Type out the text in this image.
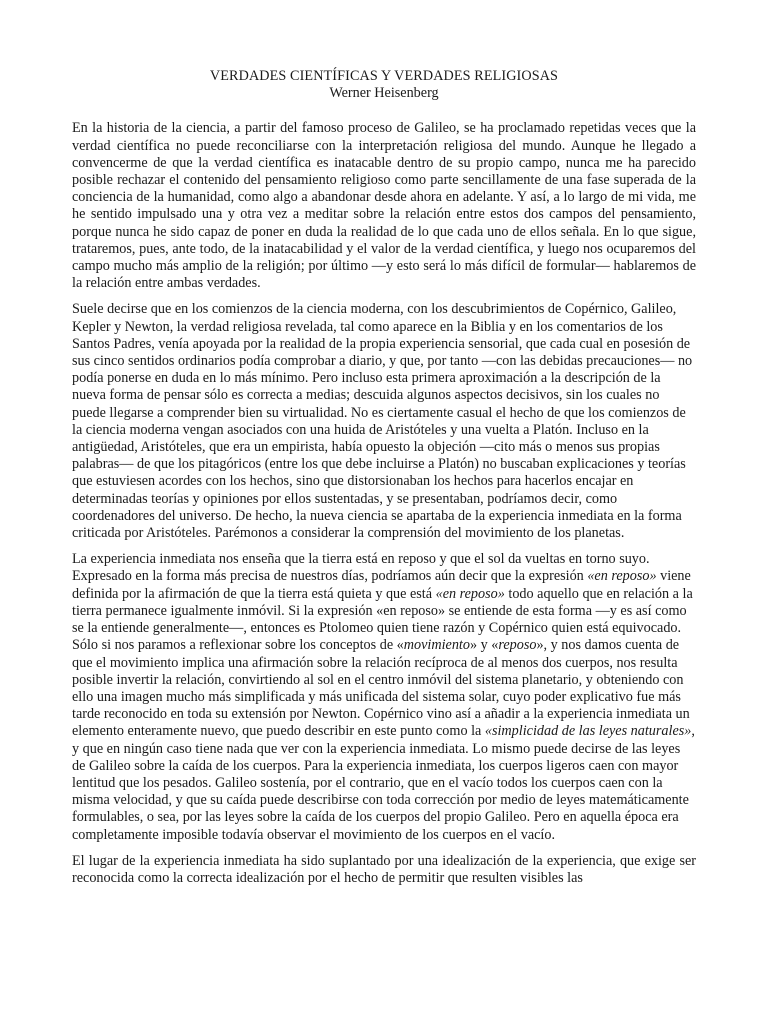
VERDADES CIENTÍFICAS Y VERDADES RELIGIOSAS
Werner Heisenberg

En la historia de la ciencia, a partir del famoso proceso de Galileo, se ha proclamado repetidas veces que la verdad científica no puede reconciliarse con la interpretación religiosa del mundo. Aunque he llegado a convencerme de que la verdad científica es inatacable dentro de su propio campo, nunca me ha parecido posible rechazar el contenido del pensamiento religioso como parte sencillamente de una fase superada de la conciencia de la humanidad, como algo a abandonar desde ahora en adelante. Y así, a lo largo de mi vida, me he sentido impulsado una y otra vez a meditar sobre la relación entre estos dos campos del pensamiento, porque nunca he sido capaz de poner en duda la realidad de lo que cada uno de ellos señala. En lo que sigue, trataremos, pues, ante todo, de la inatacabilidad y el valor de la verdad científica, y luego nos ocuparemos del campo mucho más amplio de la religión; por último —y esto será lo más difícil de formular— hablaremos de la relación entre ambas verdades.

Suele decirse que en los comienzos de la ciencia moderna, con los descubrimientos de Copérnico, Galileo, Kepler y Newton, la verdad religiosa revelada, tal como aparece en la Biblia y en los comentarios de los Santos Padres, venía apoyada por la realidad de la propia experiencia sensorial, que cada cual en posesión de sus cinco sentidos ordinarios podía comprobar a diario, y que, por tanto —con las debidas precauciones— no podía ponerse en duda en lo más mínimo. Pero incluso esta primera aproximación a la descripción de la nueva forma de pensar sólo es correcta a medias; descuida algunos aspectos decisivos, sin los cuales no puede llegarse a comprender bien su virtualidad. No es ciertamente casual el hecho de que los comienzos de la ciencia moderna vengan asociados con una huida de Aristóteles y una vuelta a Platón. Incluso en la antigüedad, Aristóteles, que era un empirista, había opuesto la objeción —cito más o menos sus propias palabras— de que los pitagóricos (entre los que debe incluirse a Platón) no buscaban explicaciones y teorías que estuviesen acordes con los hechos, sino que distorsionaban los hechos para hacerlos encajar en determinadas teorías y opiniones por ellos sustentadas, y se presentaban, podríamos decir, como coordenadores del universo. De hecho, la nueva ciencia se apartaba de la experiencia inmediata en la forma criticada por Aristóteles. Parémonos a considerar la comprensión del movimiento de los planetas.

La experiencia inmediata nos enseña que la tierra está en reposo y que el sol da vueltas en torno suyo. Expresado en la forma más precisa de nuestros días, podríamos aún decir que la expresión «en reposo» viene definida por la afirmación de que la tierra está quieta y que está «en reposo» todo aquello que en relación a la tierra permanece igualmente inmóvil. Si la expresión «en reposo» se entiende de esta forma —y es así como se la entiende generalmente—, entonces es Ptolomeo quien tiene razón y Copérnico quien está equivocado. Sólo si nos paramos a reflexionar sobre los conceptos de «movimiento» y «reposo», y nos damos cuenta de que el movimiento implica una afirmación sobre la relación recíproca de al menos dos cuerpos, nos resulta posible invertir la relación, convirtiendo al sol en el centro inmóvil del sistema planetario, y obteniendo con ello una imagen mucho más simplificada y más unificada del sistema solar, cuyo poder explicativo fue más tarde reconocido en toda su extensión por Newton. Copérnico vino así a añadir a la experiencia inmediata un elemento enteramente nuevo, que puedo describir en este punto como la «simplicidad de las leyes naturales», y que en ningún caso tiene nada que ver con la experiencia inmediata. Lo mismo puede decirse de las leyes de Galileo sobre la caída de los cuerpos. Para la experiencia inmediata, los cuerpos ligeros caen con mayor lentitud que los pesados. Galileo sostenía, por el contrario, que en el vacío todos los cuerpos caen con la misma velocidad, y que su caída puede describirse con toda corrección por medio de leyes matemáticamente formulables, o sea, por las leyes sobre la caída de los cuerpos del propio Galileo. Pero en aquella época era completamente imposible todavía observar el movimiento de los cuerpos en el vacío.

El lugar de la experiencia inmediata ha sido suplantado por una idealización de la experiencia, que exige ser reconocida como la correcta idealización por el hecho de permitir que resulten visibles las
